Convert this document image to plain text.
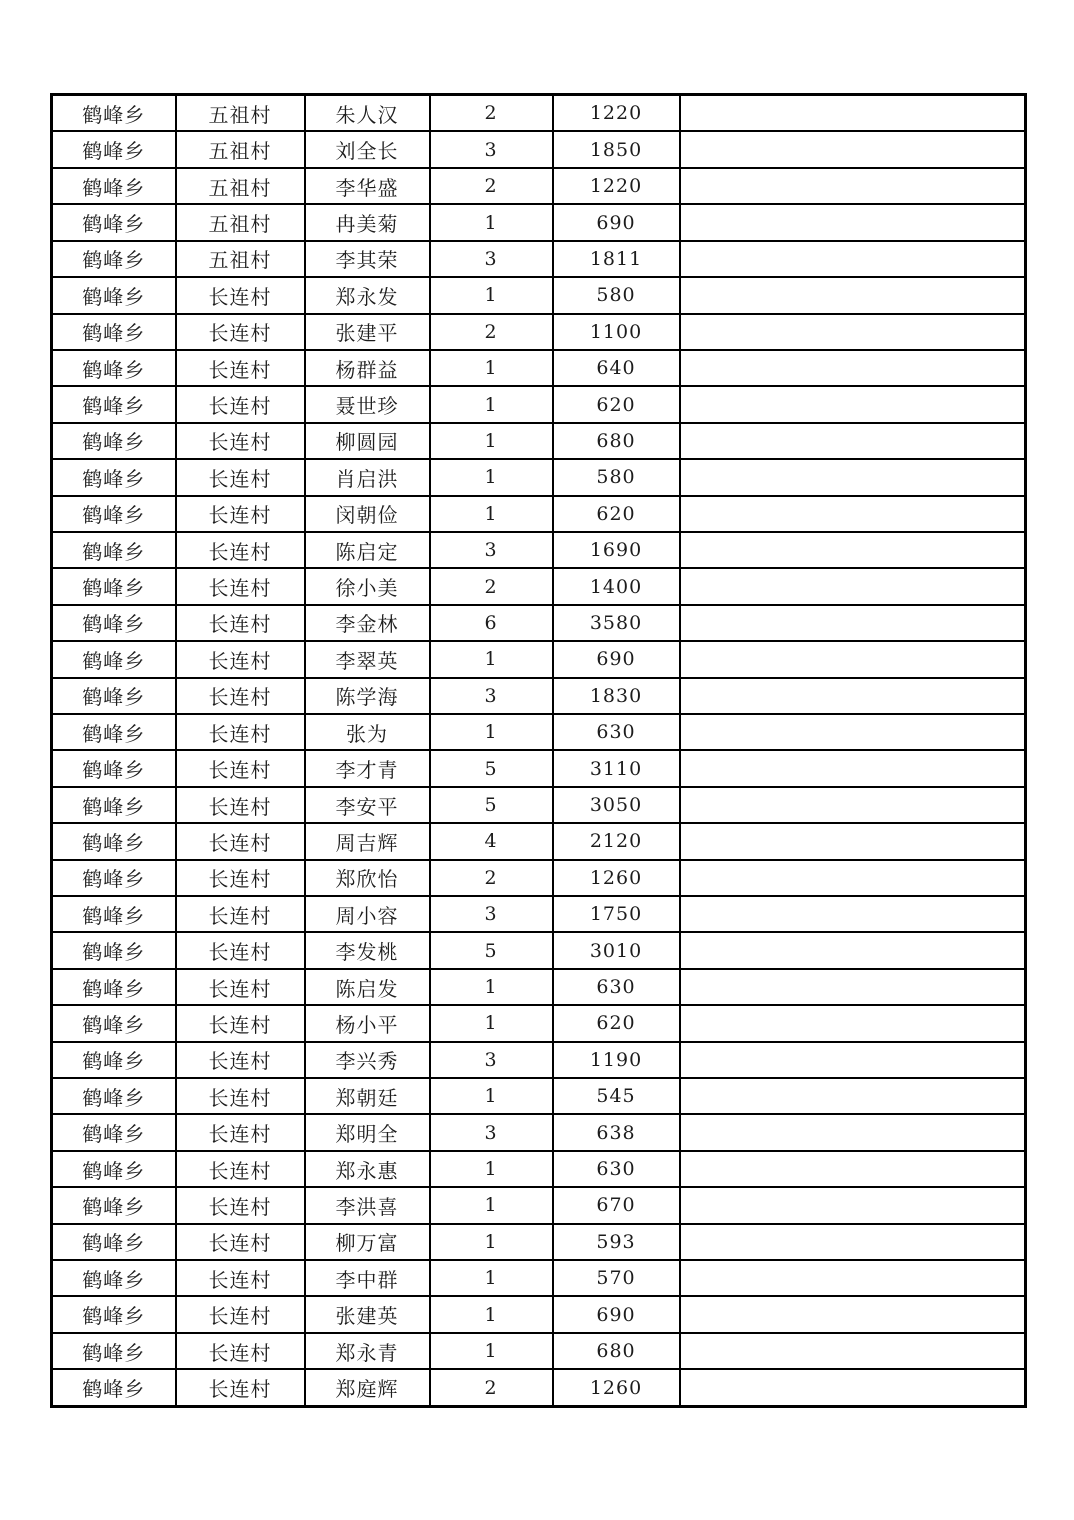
鹤峰乡	五祖村	朱人汉	2	1220	
鹤峰乡	五祖村	刘全长	3	1850	
鹤峰乡	五祖村	李华盛	2	1220	
鹤峰乡	五祖村	冉美菊	1	690	
鹤峰乡	五祖村	李其荣	3	1811	
鹤峰乡	长连村	郑永发	1	580	
鹤峰乡	长连村	张建平	2	1100	
鹤峰乡	长连村	杨群益	1	640	
鹤峰乡	长连村	聂世珍	1	620	
鹤峰乡	长连村	柳圆园	1	680	
鹤峰乡	长连村	肖启洪	1	580	
鹤峰乡	长连村	闵朝俭	1	620	
鹤峰乡	长连村	陈启定	3	1690	
鹤峰乡	长连村	徐小美	2	1400	
鹤峰乡	长连村	李金林	6	3580	
鹤峰乡	长连村	李翠英	1	690	
鹤峰乡	长连村	陈学海	3	1830	
鹤峰乡	长连村	张为	1	630	
鹤峰乡	长连村	李才青	5	3110	
鹤峰乡	长连村	李安平	5	3050	
鹤峰乡	长连村	周吉辉	4	2120	
鹤峰乡	长连村	郑欣怡	2	1260	
鹤峰乡	长连村	周小容	3	1750	
鹤峰乡	长连村	李发桃	5	3010	
鹤峰乡	长连村	陈启发	1	630	
鹤峰乡	长连村	杨小平	1	620	
鹤峰乡	长连村	李兴秀	3	1190	
鹤峰乡	长连村	郑朝廷	1	545	
鹤峰乡	长连村	郑明全	3	638	
鹤峰乡	长连村	郑永惠	1	630	
鹤峰乡	长连村	李洪喜	1	670	
鹤峰乡	长连村	柳万富	1	593	
鹤峰乡	长连村	李中群	1	570	
鹤峰乡	长连村	张建英	1	690	
鹤峰乡	长连村	郑永青	1	680	
鹤峰乡	长连村	郑庭辉	2	1260	
